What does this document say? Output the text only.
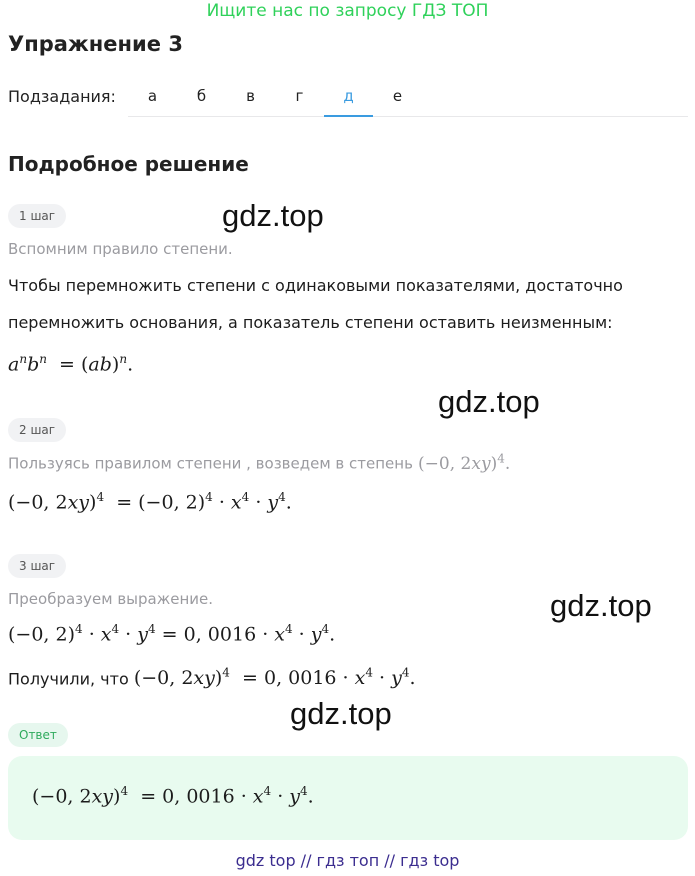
Ищите нас по запросу ГДЗ ТОП
Упражнение 3
Подзадания:	а	б	в	г	д	е
Подробное решение
1 шаг	gdz.top
Вспомним правило степени.
Чтобы перемножить степени с одинаковыми показателями, достаточно
перемножить основания, а показатель степени оставить неизменным:
$a^nb^n = (ab)^n$.
gdz.top
2 шаг
Пользуясь правилом степени , возведем в степень (−0, 2xy)$^4$.
(−0, 2xy)$^4$  = (−0, $2)^4 \cdot x^4 \cdot y^4$.
3 шаг
gdz.top
Преобразуем выражение.
(−0, $2)^4 \cdot x^4 \cdot y^4 = 0$, $0016 \cdot x^4 \cdot y^4$.
Получили, что (−0, 2xy)$^4$  = 0, $0016 \cdot x^4 \cdot y^4$.
gdz.top
Ответ
(−0, 2xy)$^4$  = 0, $0016 \cdot x^4 \cdot y^4$.
gdz top // гдз топ // гдз top
